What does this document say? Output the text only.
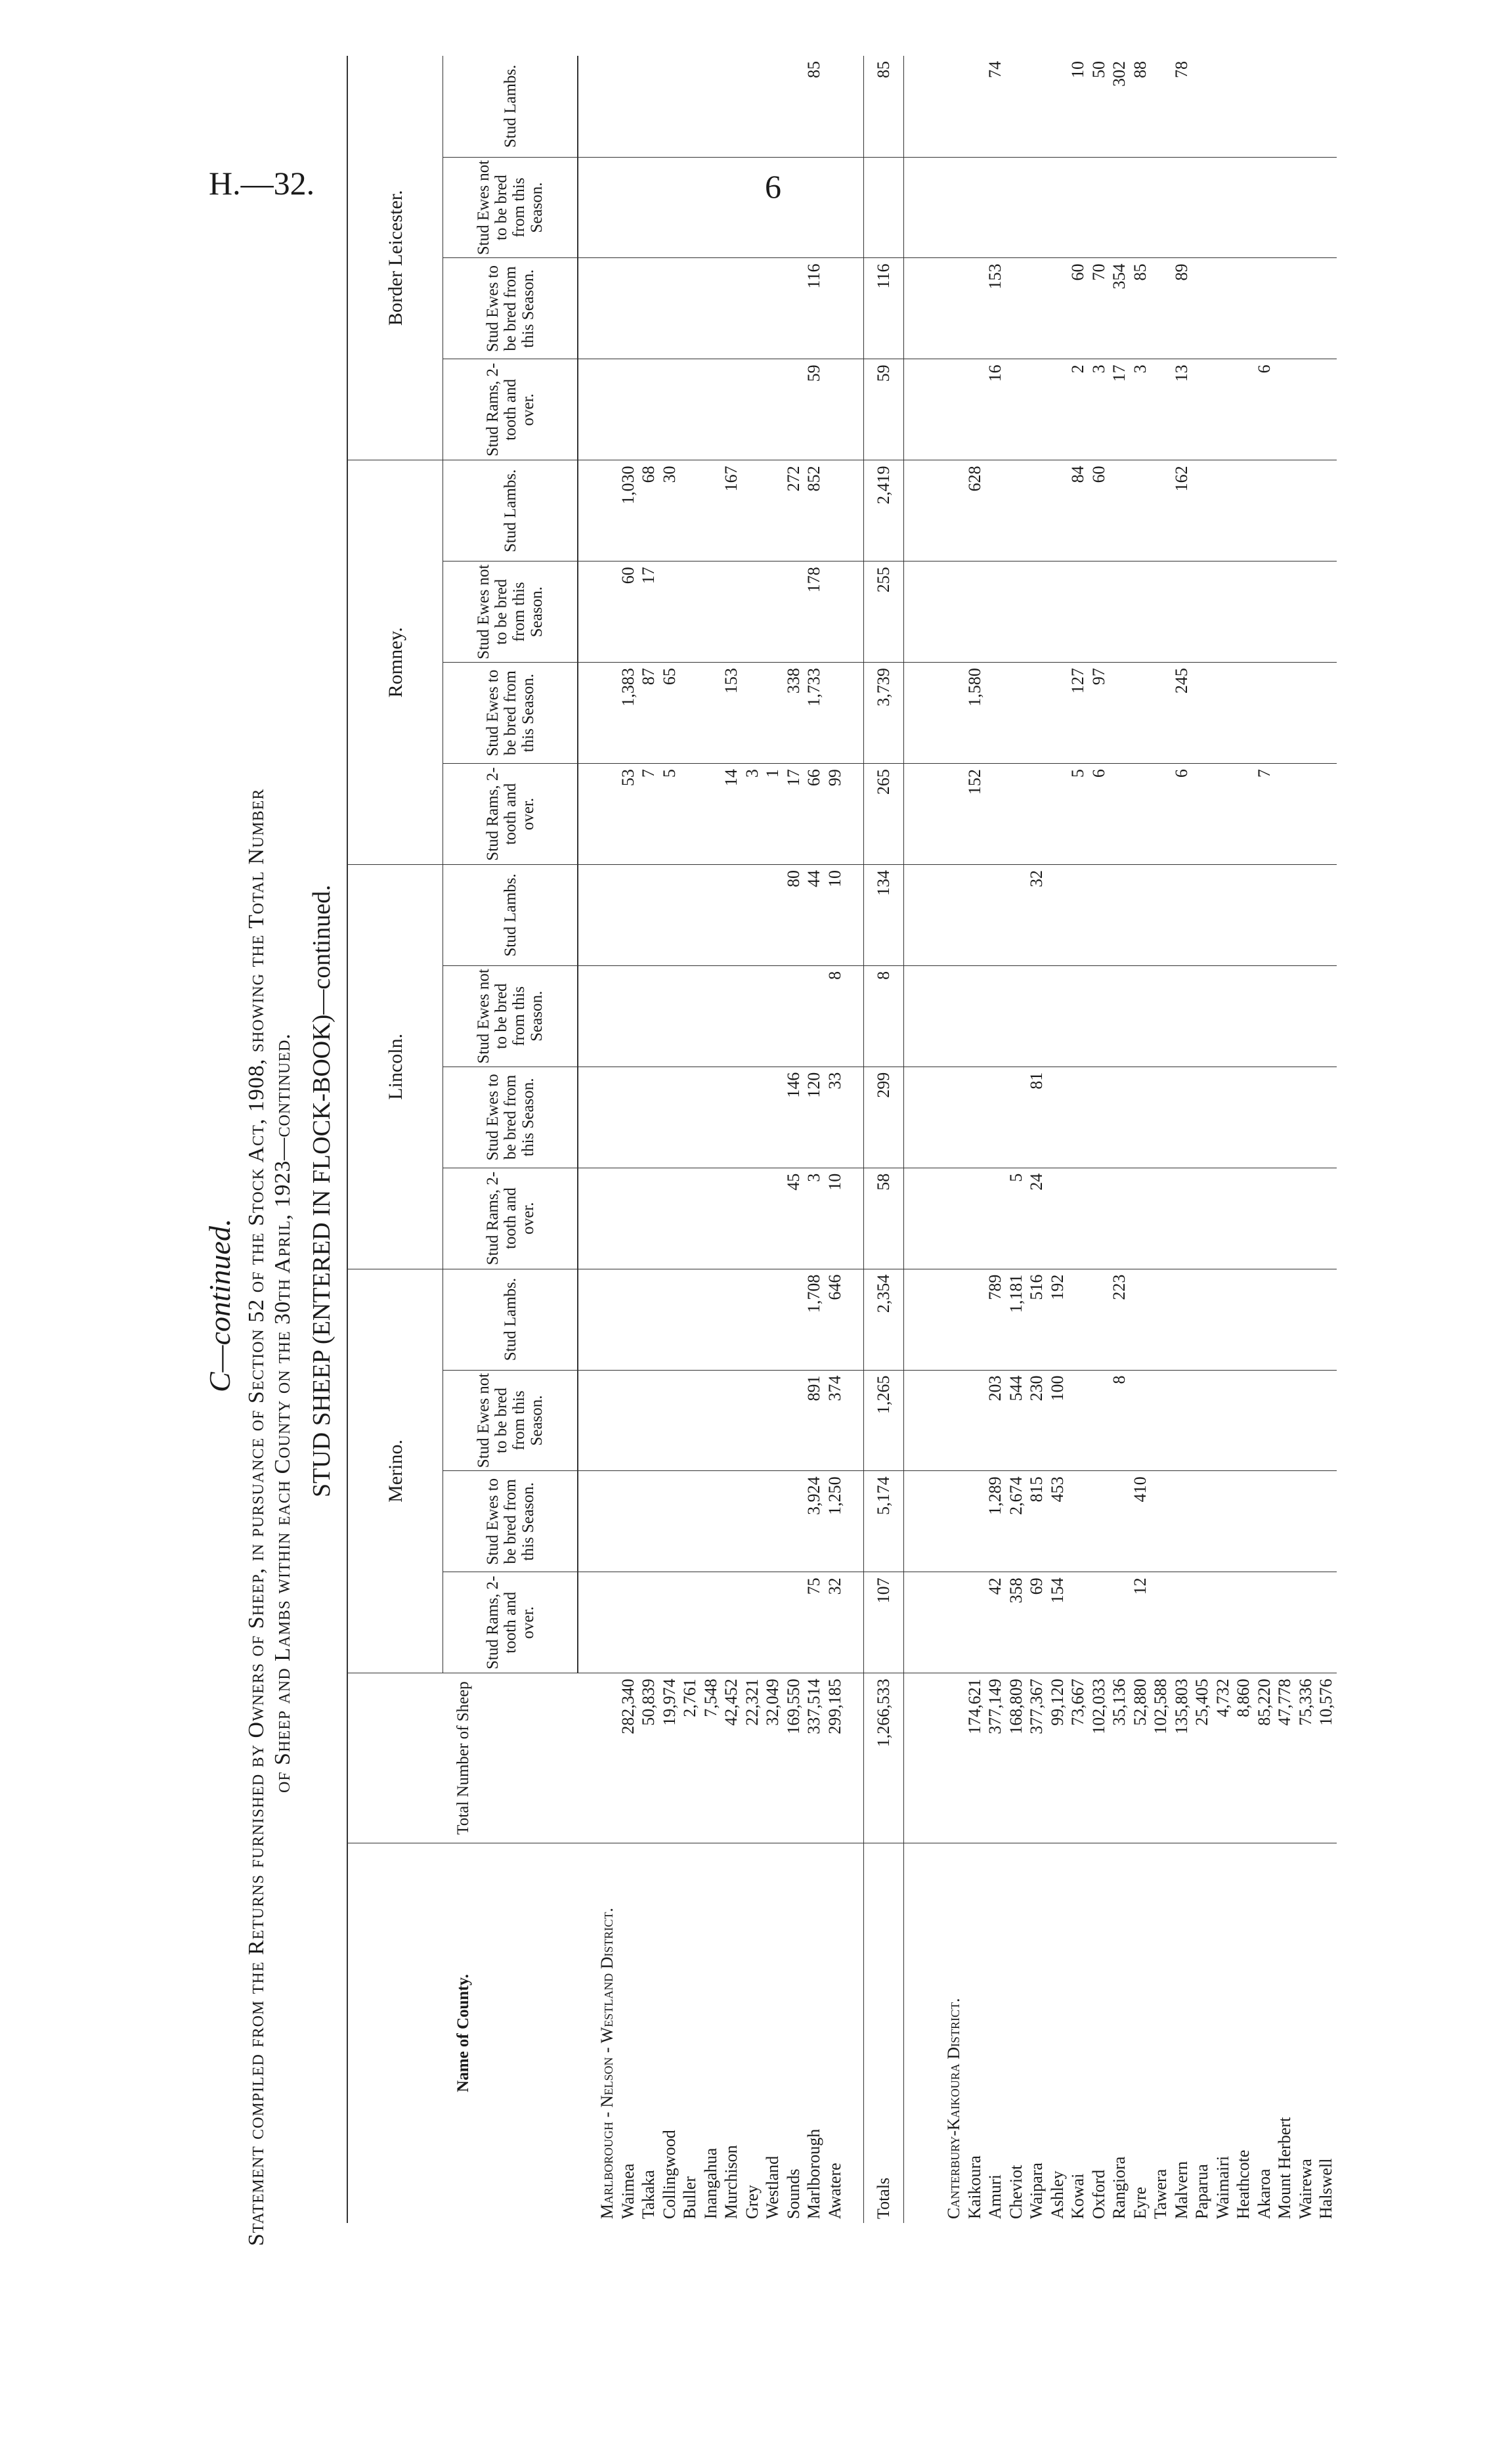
H.—32.	6
C—continued. Statement compiled from the Returns furnished by Owners of Sheep, in pursuance of Section 52 of the Stock Act, 1908, showing the Total Number of Sheep and Lambs within each County on the 30th April, 1923—continued. STUD SHEEP (ENTERED IN FLOCK-BOOK)—continued.
Name of County.	Total Number of Sheep	Merino.				Lincoln.				Romney.				Border Leicester.			
		Stud Rams, 2-tooth and over.	Stud Ewes to be bred from this Season.	Stud Ewes not to be bred from this Season.	Stud Lambs.	Stud Rams, 2-tooth and over.	Stud Ewes to be bred from this Season.	Stud Ewes not to be bred from this Season.	Stud Lambs.	Stud Rams, 2-tooth and over.	Stud Ewes to be bred from this Season.	Stud Ewes not to be bred from this Season.	Stud Lambs.	Stud Rams, 2-tooth and over.	Stud Ewes to be bred from this Season.	Stud Ewes not to be bred from this Season.	Stud Lambs.

Marlborough - Nelson - Westland District.																	
Waimea	282,340									53	1,383	60	1,030				
Takaka	50,839									7	87	17	68				
Collingwood	19,974									5	65		30				
Buller	2,761																
Inangahua	7,548																
Murchison	42,452									14	153		167				
Grey	22,321									3							
Westland	32,049									1							
Sounds	169,550					45	146		80	17	338		272				
Marlborough	337,514	75	3,924	891	1,708	3	120		44	66	1,733	178	852	59	116		85
Awatere	299,185	32	1,250	374	646	10	33	8	10	99							

Totals	1,266,533	107	5,174	1,265	2,354	58	299	8	134	265	3,739	255	2,419	59	116		85

Canterbury-Kaikoura District.																	
Kaikoura	174,621									152	1,580		628				
Amuri	377,149	42	1,289	203	789									16	153		74
Cheviot	168,809	358	2,674	544	1,181	5											
Waipara	377,367	69	815	230	516	24	81		32								
Ashley	99,120	154	453	100	192												
Kowai	73,667									5	127		84	2	60		10
Oxford	102,033									6	97		60	3	70		50
Rangiora	35,136			8	223									17	354		302
Eyre	52,880	12	410											3	85		88
Tawera	102,588																
Malvern	135,803									6	245		162	13	89		78
Paparua	25,405																
Waimairi	4,732																
Heathcote	8,860																
Akaroa	85,220									7				6			
Mount Herbert	47,778																
Wairewa	75,336																
Halswell	10,576																
